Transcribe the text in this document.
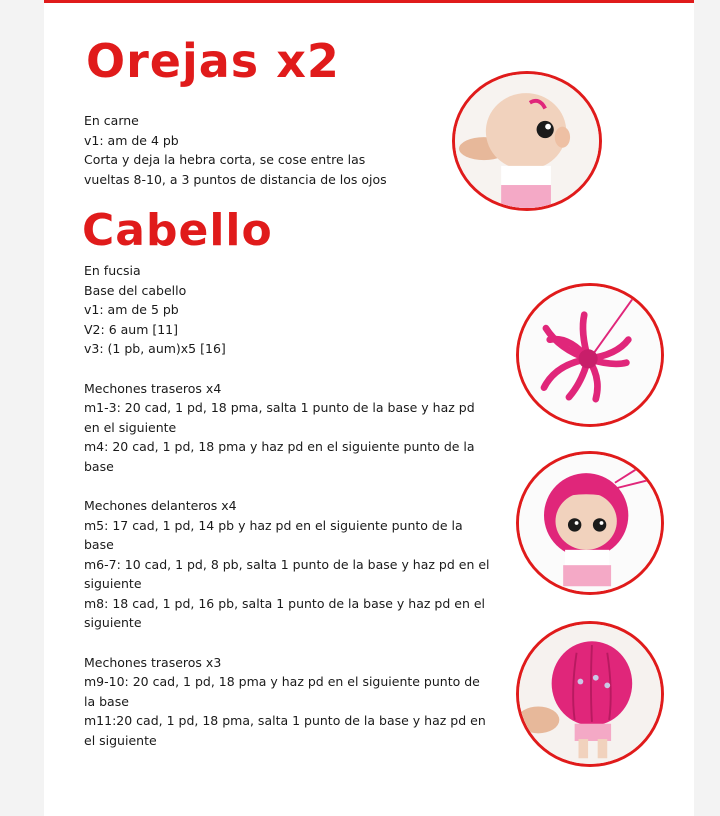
Orejas x2

En carne

v1: am de 4 pb

Corta y deja la hebra corta, se cose entre las vueltas 8-10, a 3 puntos de distancia de los ojos

Cabello

En fucsia

Base del cabello

v1: am de 5 pb

V2: 6 aum [11]

v3: (1 pb, aum)x5 [16]

Mechones traseros x4

m1-3: 20 cad, 1 pd, 18 pma, salta 1 punto de la base y haz pd en el siguiente

m4: 20 cad, 1 pd, 18 pma y haz pd en el siguiente punto de la base

Mechones delanteros x4

m5: 17 cad, 1 pd, 14 pb y haz pd en el siguiente punto de la base

m6-7: 10 cad, 1 pd, 8 pb, salta 1 punto de la base y haz pd en el siguiente

m8: 18 cad, 1 pd, 16 pb, salta 1 punto de la base y haz pd en el siguiente

Mechones traseros x3

m9-10: 20 cad, 1 pd, 18 pma y haz pd en el siguiente punto de la base

m11:20 cad, 1 pd, 18 pma, salta 1 punto de la base y haz pd en el siguiente
